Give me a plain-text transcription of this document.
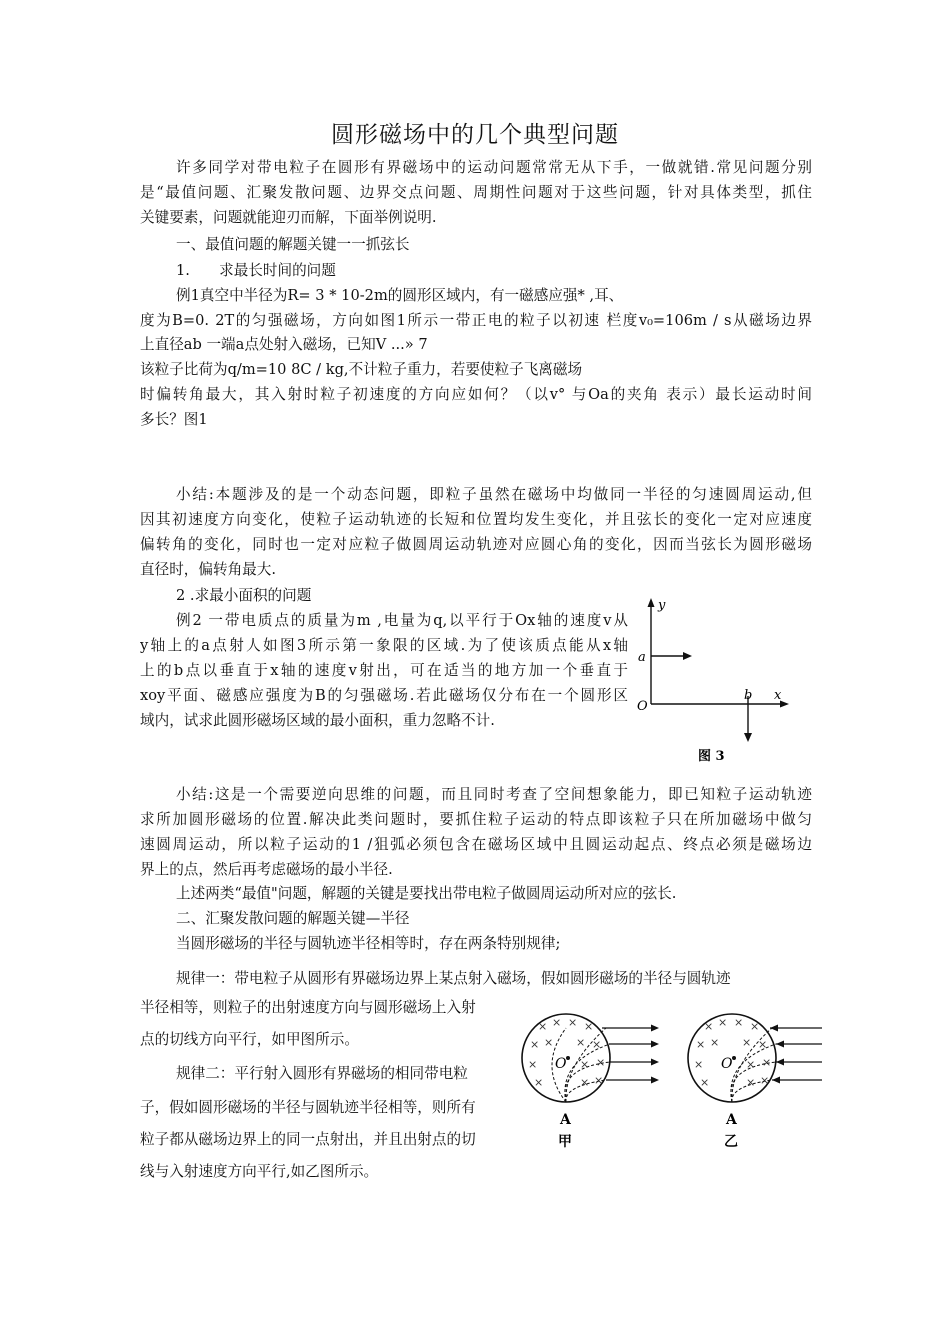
圆形磁场中的几个典型问题
许多同学对带电粒子在圆形有界磁场中的运动问题常常无从下手，一做就错.常见问题分别
是“最值问题、汇聚发散问题、边界交点问题、周期性问题对于这些问题，针对具体类型，抓住
关键要素，问题就能迎刃而解，下面举例说明.
一、最值问题的解题关键一一抓弦长
1.　　求最长时间的问题
例1真空中半径为R= 3 * 10-2m的圆形区域内，有一磁感应强* ,耳、
度为B=0. 2T的匀强磁场，方向如图1所示一带正电的粒子以初速 栏度v₀=106m / s从磁场边界
上直径ab 一端a点处射入磁场，已知V ...» 7
该粒子比荷为q/m=10 8C / kg,不计粒子重力，若要使粒子飞离磁场
时偏转角最大，其入射时粒子初速度的方向应如何？（以v° 与Oa的夹角 表示）最长运动时间
多长？图1
小结:本题涉及的是一个动态问题，即粒子虽然在磁场中均做同一半径的匀速圆周运动,但
因其初速度方向变化，使粒子运动轨迹的长短和位置均发生变化，并且弦长的变化一定对应速度
偏转角的变化，同时也一定对应粒子做圆周运动轨迹对应圆心角的变化，因而当弦长为圆形磁场
直径时，偏转角最大.
2 .求最小面积的问题
例2 一带电质点的质量为m ,电量为q,以平行于Ox轴的速度v从
y轴上的a点射人如图3所示第一象限的区域.为了使该质点能从x轴
上的b点以垂直于x轴的速度v射出，可在适当的地方加一个垂直于
xoy平面、磁感应强度为B的匀强磁场.若此磁场仅分布在一个圆形区
域内，试求此圆形磁场区域的最小面积，重力忽略不计.
y
a
O
b x
图 3
小结:这是一个需要逆向思维的问题，而且同时考查了空间想象能力，即已知粒子运动轨迹
求所加圆形磁场的位置.解决此类问题时，要抓住粒子运动的特点即该粒子只在所加磁场中做匀
速圆周运动，所以粒子运动的1 /狙弧必须包含在磁场区域中且圆运动起点、终点必须是磁场边
界上的点，然后再考虑磁场的最小半径.
上述两类“最值"问题，解题的关键是要找出带电粒子做圆周运动所对应的弦长.
二、汇聚发散问题的解题关键—半径
当圆形磁场的半径与圆轨迹半径相等时，存在两条特别规律;
规律一：带电粒子从圆形有界磁场边界上某点射入磁场，假如圆形磁场的半径与圆轨迹
半径相等，则粒子的出射速度方向与圆形磁场上入射
点的切线方向平行，如甲图所示。
规律二：平行射入圆形有界磁场的相同带电粒
子，假如圆形磁场的半径与圆轨迹半径相等，则所有
粒子都从磁场边界上的同一点射出，并且出射点的切
线与入射速度方向平行,如乙图所示。
× × × ×
× × × ×
×	× ×
×	× ×
O
A
甲
× × × ×
× × × ×
×	× ×
×	× ×
O
A
乙
